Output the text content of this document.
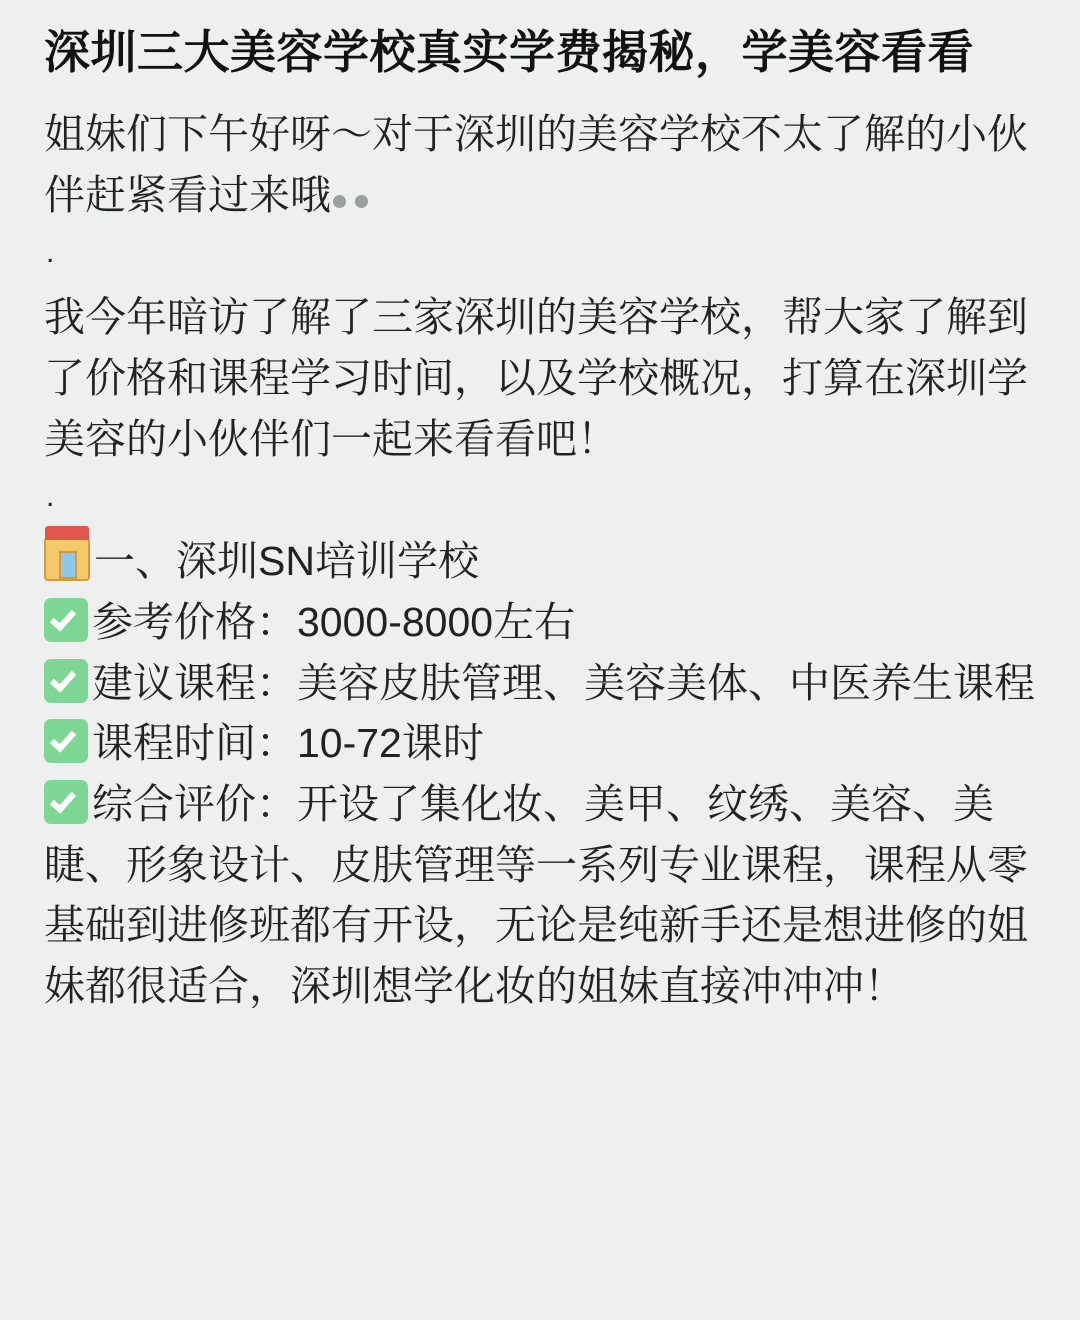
深圳三大美容学校真实学费揭秘，学美容看看

姐妹们下午好呀～对于深圳的美容学校不太了解的小伙伴赶紧看过来哦

.

我今年暗访了解了三家深圳的美容学校，帮大家了解到了价格和课程学习时间，以及学校概况，打算在深圳学美容的小伙伴们一起来看看吧！

.
一、深圳SN培训学校
参考价格：3000-8000左右
建议课程：美容皮肤管理、美容美体、中医养生课程
课程时间：10-72课时
综合评价：开设了集化妆、美甲、纹绣、美容、美睫、形象设计、皮肤管理等一系列专业课程，课程从零基础到进修班都有开设，无论是纯新手还是想进修的姐妹都很适合，深圳想学化妆的姐妹直接冲冲冲！
